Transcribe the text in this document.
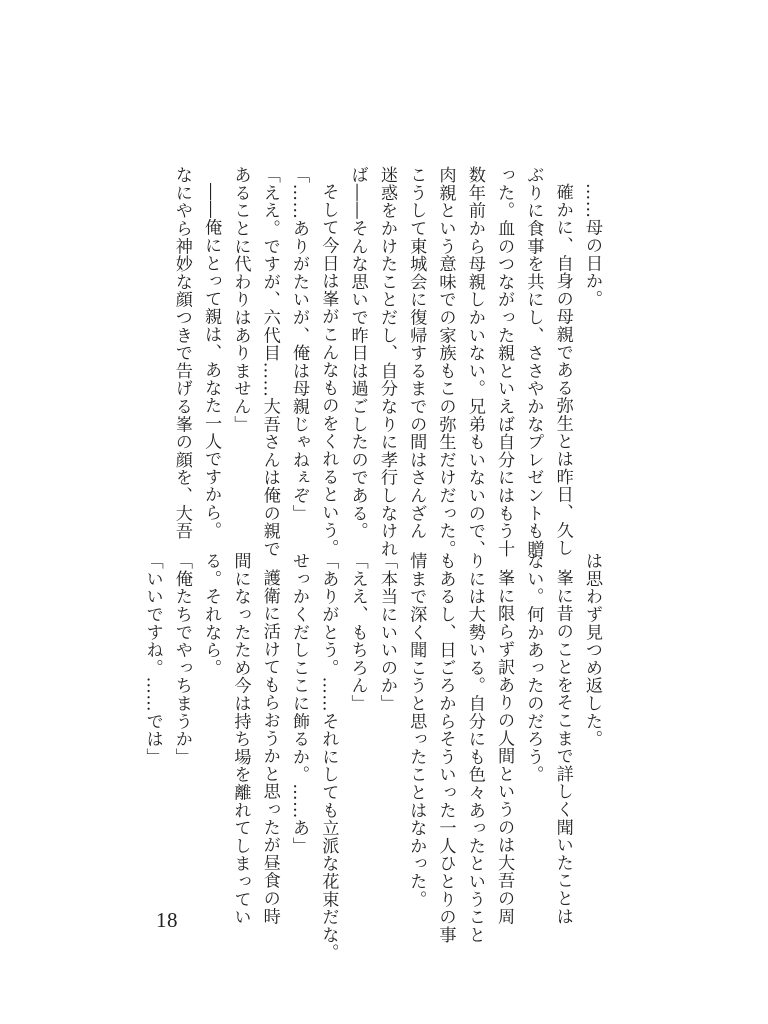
……母の日か。
確かに、自身の母親である弥生とは昨日、久し
ぶりに食事を共にし、ささやかなプレゼントも贈
った。血のつながった親といえば自分にはもう十
数年前から母親しかいない。兄弟もいないので、
肉親という意味での家族もこの弥生だけだった。
こうして東城会に復帰するまでの間はさんざん
迷惑をかけたことだし、自分なりに孝行しなけれ
ば――そんな思いで昨日は過ごしたのである。
そして今日は峯がこんなものをくれるという。
「……ありがたいが、俺は母親じゃねぇぞ」
「ええ。ですが、六代目……大吾さんは俺の親で
あることに代わりはありません」
――俺にとって親は、あなた一人ですから。
なにやら神妙な顔つきで告げる峯の顔を、大吾
は思わず見つめ返した。
峯に昔のことをそこまで詳しく聞いたことは
ない。何かあったのだろう。
峯に限らず訳ありの人間というのは大吾の周
りには大勢いる。自分にも色々あったということ
もあるし、日ごろからそういった一人ひとりの事
情まで深く聞こうと思ったことはなかった。
「本当にいいのか」
「ええ、もちろん」
「ありがとう。……それにしても立派な花束だな。
せっかくだしここに飾るか。……あ」
護衛に活けてもらおうかと思ったが昼食の時
間になったため今は持ち場を離れてしまってい
る。それなら。
「俺たちでやっちまうか」
「いいですね。……では」
18
